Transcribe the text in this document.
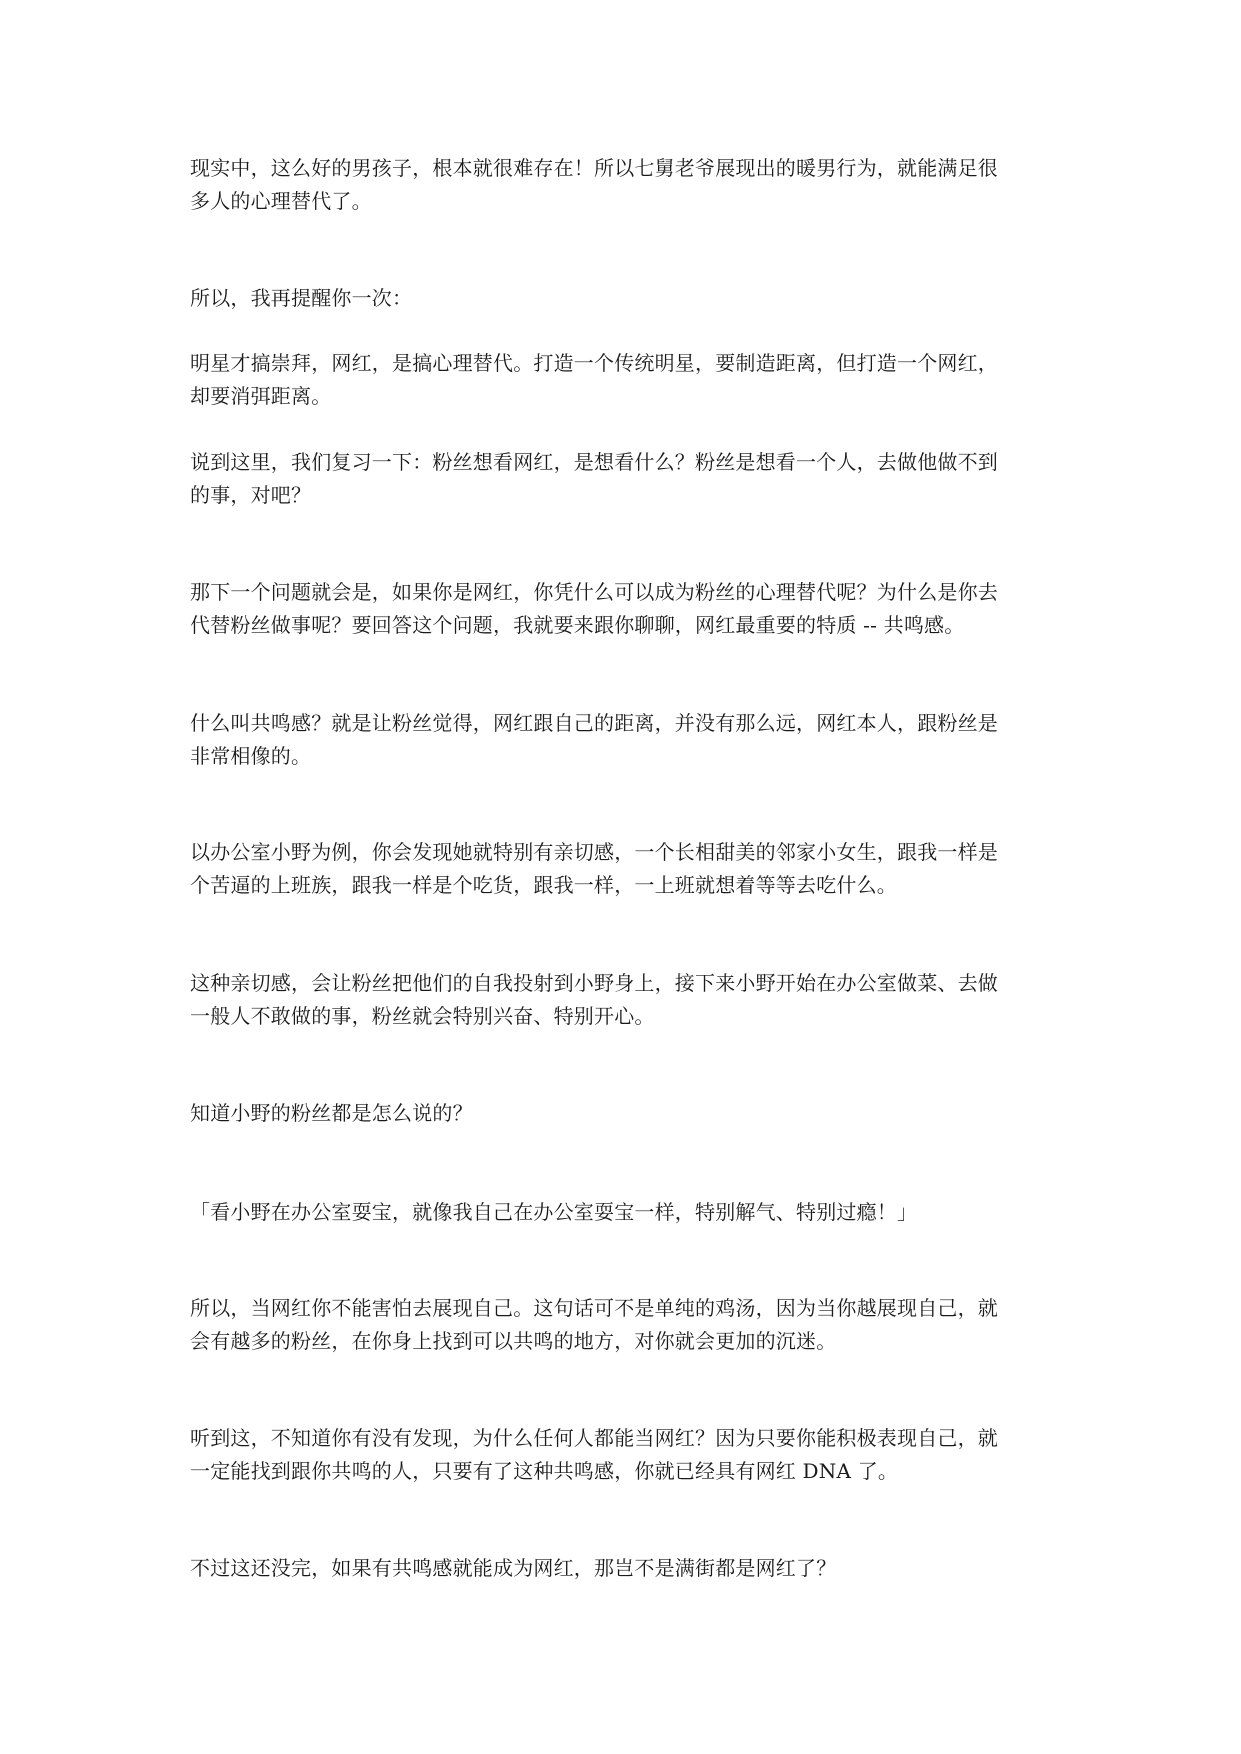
现实中，这么好的男孩子，根本就很难存在！所以七舅老爷展现出的暖男行为，就能满足很
多人的心理替代了。

所以，我再提醒你一次：

明星才搞崇拜，网红，是搞心理替代。打造一个传统明星，要制造距离，但打造一个网红，
却要消弭距离。

说到这里，我们复习一下：粉丝想看网红，是想看什么？粉丝是想看一个人，去做他做不到
的事，对吧？

那下一个问题就会是，如果你是网红，你凭什么可以成为粉丝的心理替代呢？为什么是你去
代替粉丝做事呢？要回答这个问题，我就要来跟你聊聊，网红最重要的特质 -- 共鸣感。

什么叫共鸣感？就是让粉丝觉得，网红跟自己的距离，并没有那么远，网红本人，跟粉丝是
非常相像的。

以办公室小野为例，你会发现她就特别有亲切感，一个长相甜美的邻家小女生，跟我一样是
个苦逼的上班族，跟我一样是个吃货，跟我一样，一上班就想着等等去吃什么。

这种亲切感，会让粉丝把他们的自我投射到小野身上，接下来小野开始在办公室做菜、去做
一般人不敢做的事，粉丝就会特别兴奋、特别开心。

知道小野的粉丝都是怎么说的？

「看小野在办公室耍宝，就像我自己在办公室耍宝一样，特别解气、特别过瘾！」

所以，当网红你不能害怕去展现自己。这句话可不是单纯的鸡汤，因为当你越展现自己，就
会有越多的粉丝，在你身上找到可以共鸣的地方，对你就会更加的沉迷。

听到这，不知道你有没有发现，为什么任何人都能当网红？因为只要你能积极表现自己，就
一定能找到跟你共鸣的人，只要有了这种共鸣感，你就已经具有网红 DNA 了。

不过这还没完，如果有共鸣感就能成为网红，那岂不是满街都是网红了？
